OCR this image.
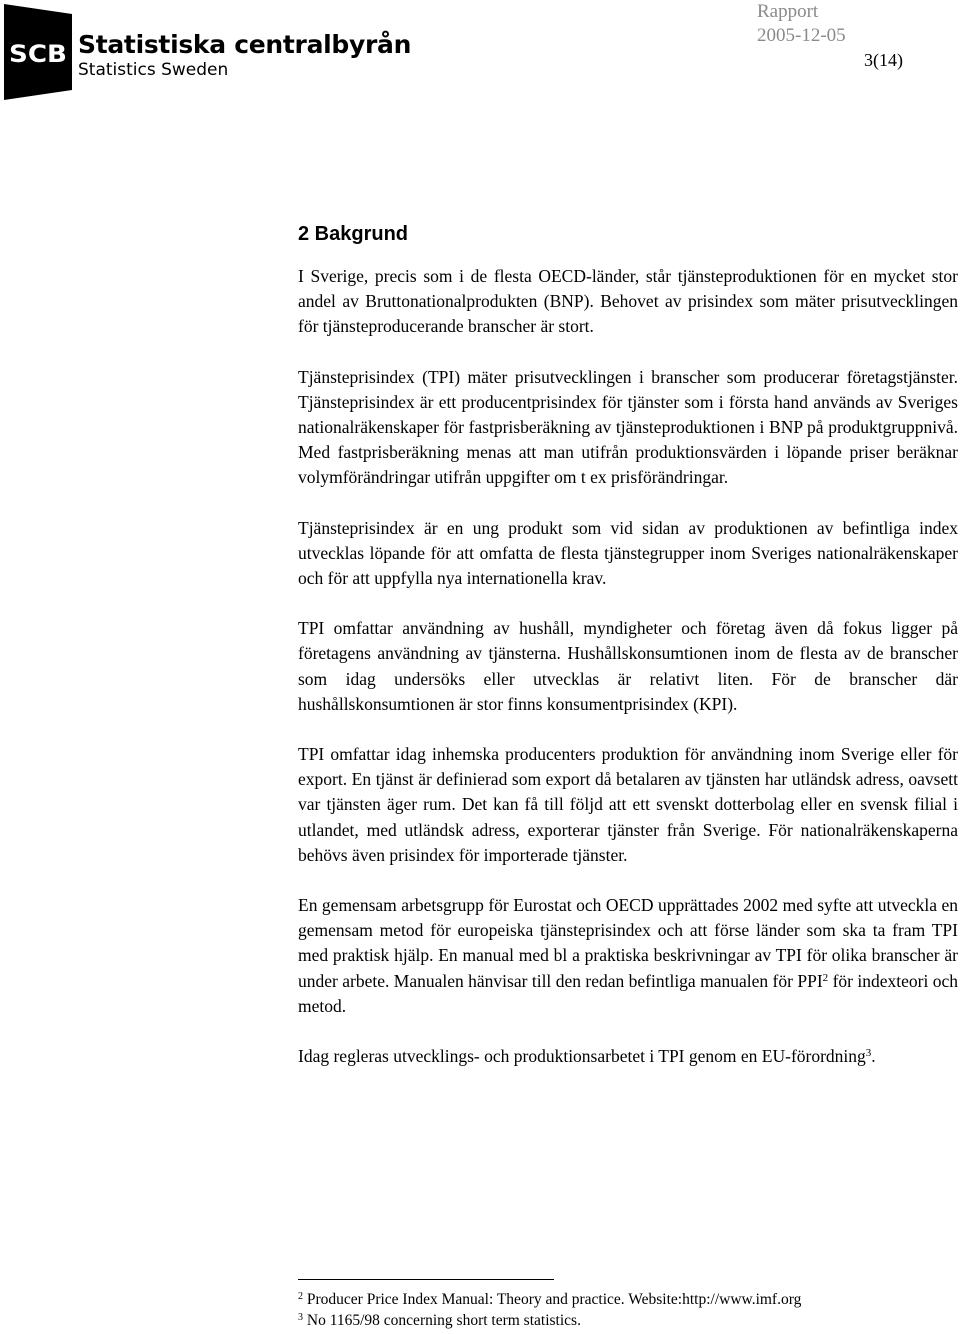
SCB Statistiska centralbyrån
Statistics Sweden
Rapport
2005-12-05
3(14)
2 Bakgrund

I Sverige, precis som i de flesta OECD-länder, står tjänsteproduktionen för en mycket stor andel av Bruttonationalprodukten (BNP). Behovet av prisindex som mäter prisutvecklingen för tjänsteproducerande branscher är stort.

Tjänsteprisindex (TPI) mäter prisutvecklingen i branscher som producerar företagstjänster. Tjänsteprisindex är ett producentprisindex för tjänster som i första hand används av Sveriges nationalräkenskaper för fastprisberäkning av tjänsteproduktionen i BNP på produktgruppnivå. Med fastprisberäkning menas att man utifrån produktionsvärden i löpande priser beräknar volymförändringar utifrån uppgifter om t ex prisförändringar.

Tjänsteprisindex är en ung produkt som vid sidan av produktionen av befintliga index utvecklas löpande för att omfatta de flesta tjänstegrupper inom Sveriges nationalräkenskaper och för att uppfylla nya internationella krav.

TPI omfattar användning av hushåll, myndigheter och företag även då fokus ligger på företagens användning av tjänsterna. Hushållskonsumtionen inom de flesta av de branscher som idag undersöks eller utvecklas är relativt liten. För de branscher där hushållskonsumtionen är stor finns konsumentprisindex (KPI).

TPI omfattar idag inhemska producenters produktion för användning inom Sverige eller för export. En tjänst är definierad som export då betalaren av tjänsten har utländsk adress, oavsett var tjänsten äger rum. Det kan få till följd att ett svenskt dotterbolag eller en svensk filial i utlandet, med utländsk adress, exporterar tjänster från Sverige. För nationalräkenskaperna behövs även prisindex för importerade tjänster.

En gemensam arbetsgrupp för Eurostat och OECD upprättades 2002 med syfte att utveckla en gemensam metod för europeiska tjänsteprisindex och att förse länder som ska ta fram TPI med praktisk hjälp. En manual med bl a praktiska beskrivningar av TPI för olika branscher är under arbete. Manualen hänvisar till den redan befintliga manualen för PPI$^2$ för indexteori och metod.

Idag regleras utvecklings- och produktionsarbetet i TPI genom en EU-förordning$^3$.

$^2$ Producer Price Index Manual: Theory and practice. Website:http://www.imf.org
$^3$ No 1165/98 concerning short term statistics.
